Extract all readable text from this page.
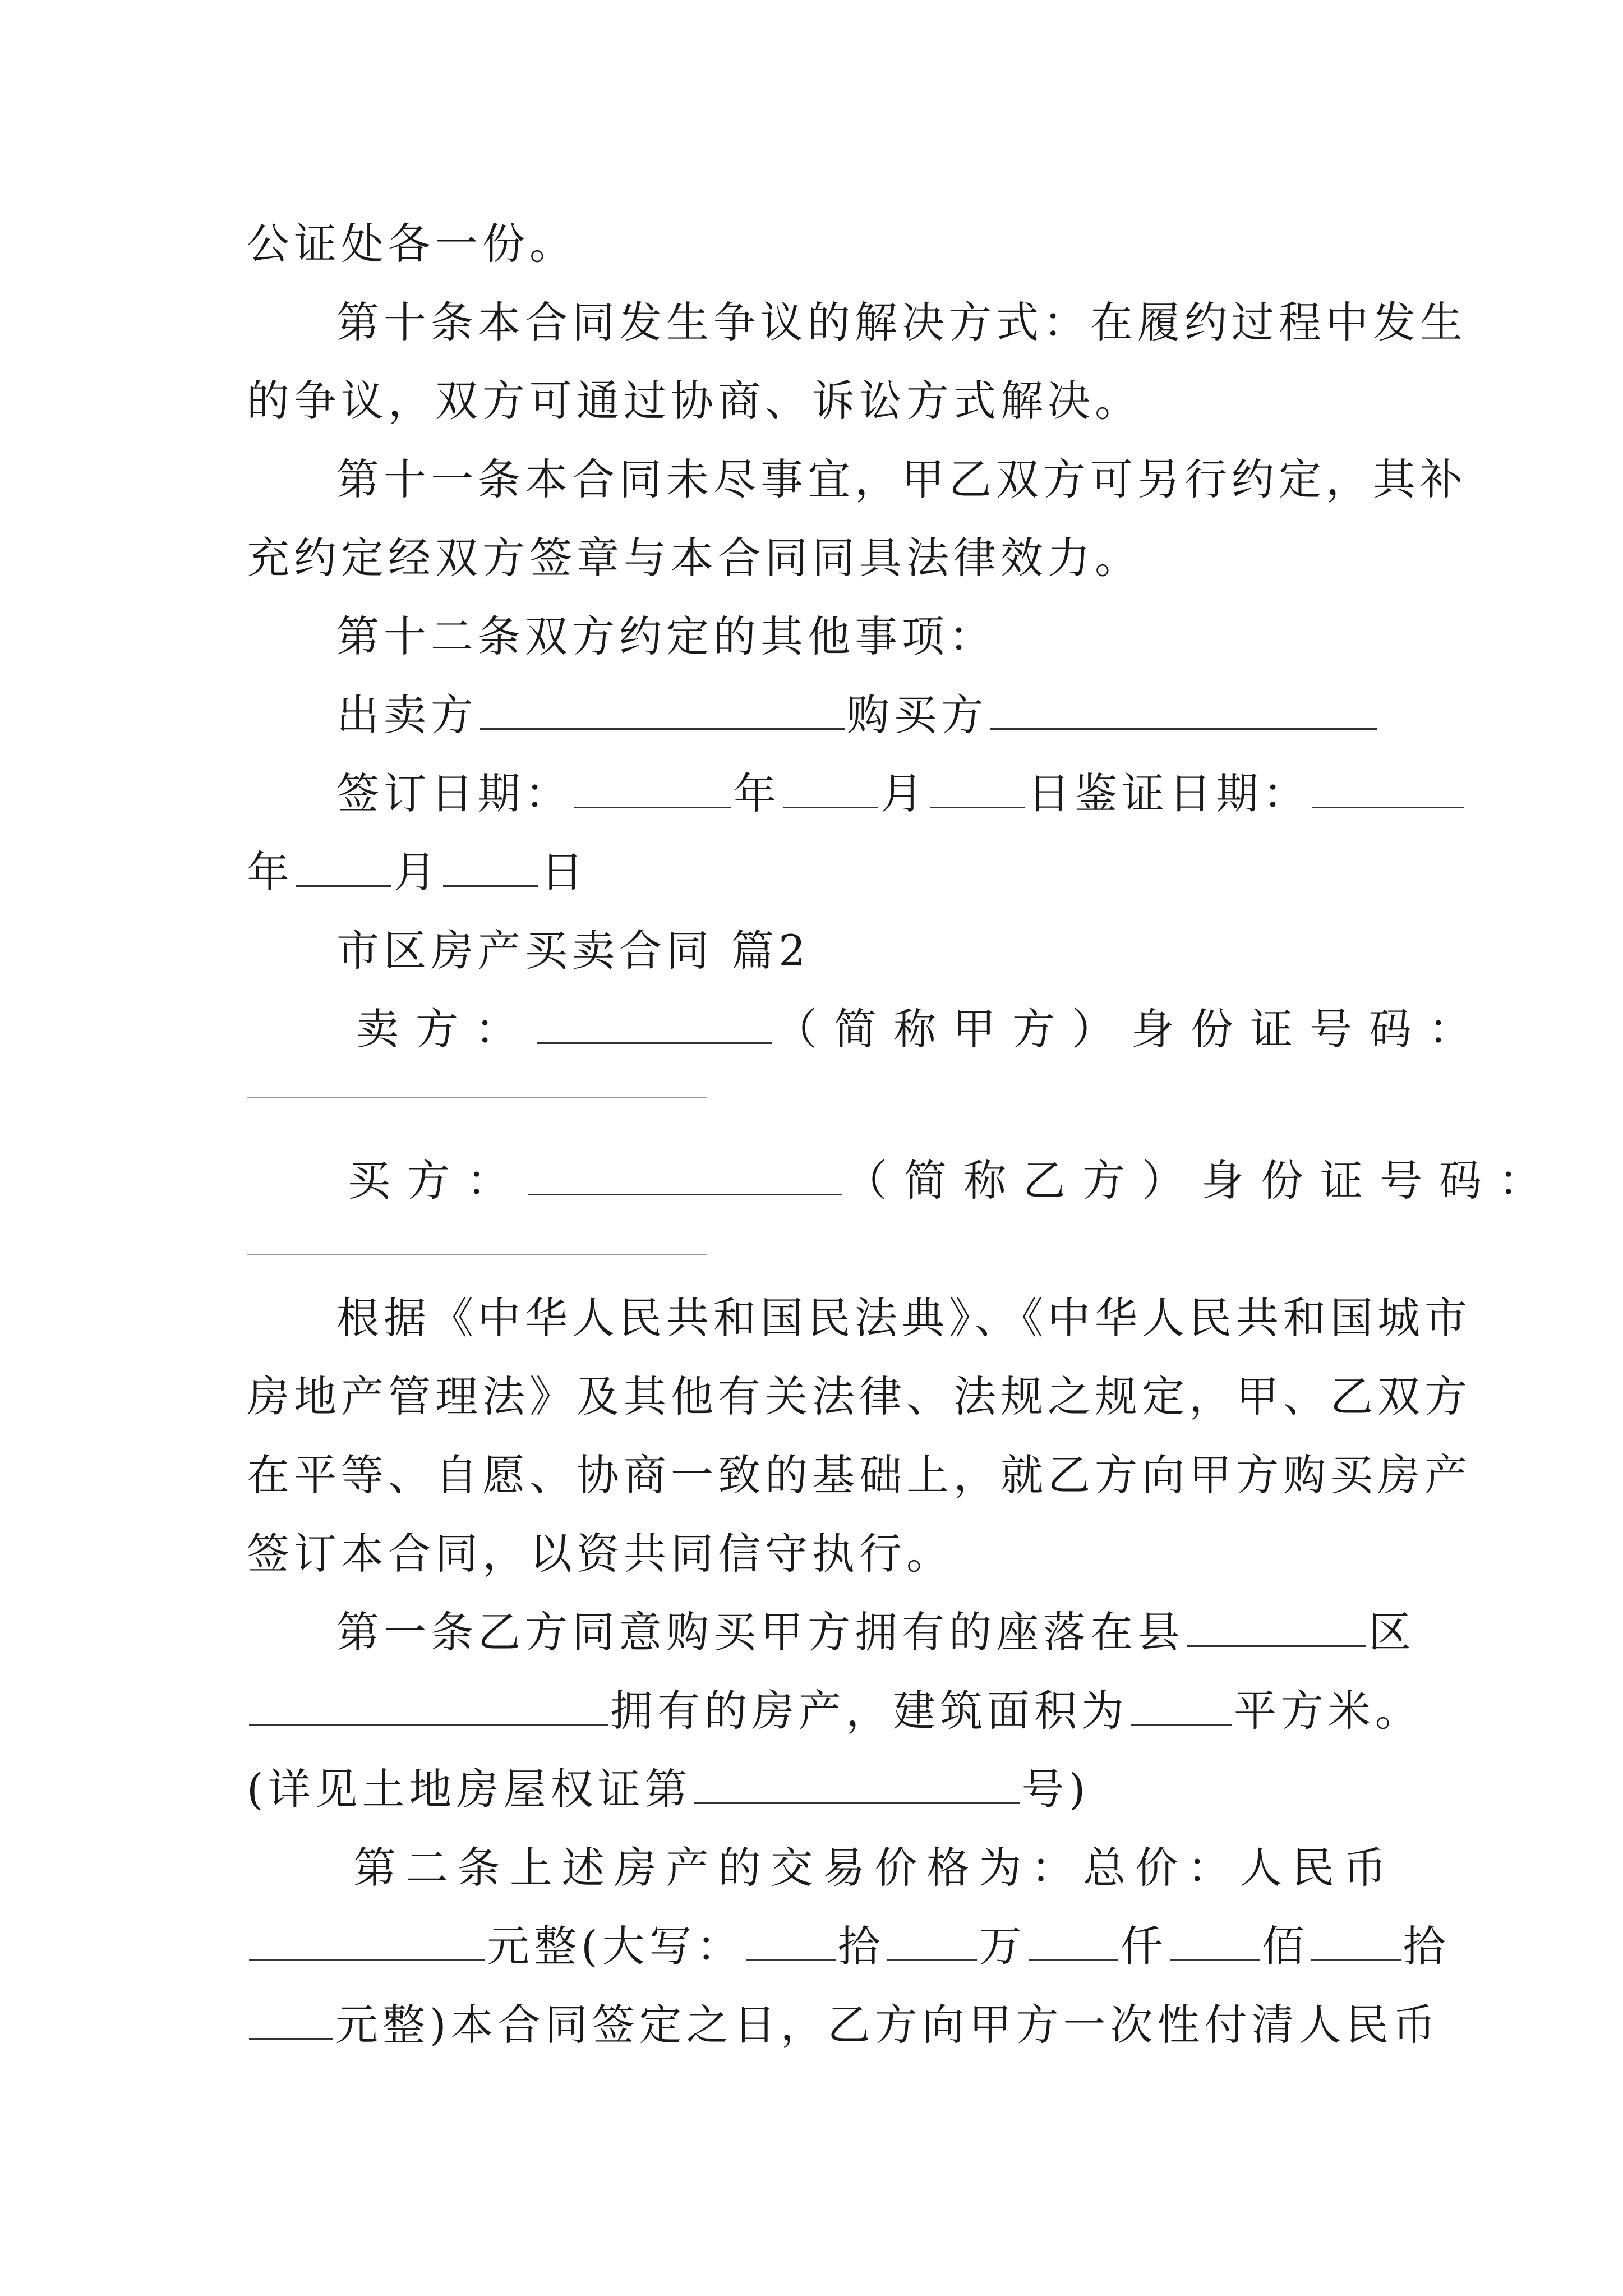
公证处各一份。
第十条本合同发生争议的解决方式：在履约过程中发生
的争议，双方可通过协商、诉讼方式解决。
第十一条本合同未尽事宜，甲乙双方可另行约定，其补
充约定经双方签章与本合同同具法律效力。
第十二条双方约定的其他事项：
出卖方	购买方
签订日期：	年 月 日鉴证日期：
年 月 日
市区房产买卖合同 篇2
卖方：	（简称甲方）身份证号码：
买方：	（简称乙方）身份证号码：
根据《中华人民共和国民法典》、《中华人民共和国城市
房地产管理法》及其他有关法律、法规之规定，甲、乙双方
在平等、自愿、协商一致的基础上，就乙方向甲方购买房产
签订本合同，以资共同信守执行。
第一条乙方同意购买甲方拥有的座落在县	区
拥有的房产，建筑面积为 平方米。
(详见土地房屋权证第	号)
第二条上述房产的交易价格为：总价：人民币
元整(大写： 拾 万 仟 佰 拾
元整)本合同签定之日，乙方向甲方一次性付清人民币
